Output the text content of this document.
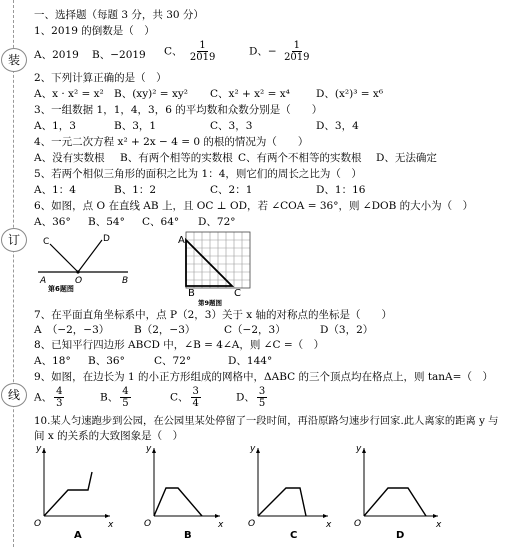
装
订
线
一、选择题（每题 3 分，共 30 分）
1、2019 的倒数是（　）
A、2019 B、−2019 C、 $\frac{1}{2019}$	D、− $\frac{1}{2019}$
2、下列计算正确的是（　）
A、x · x² = x² B、(xy)² = xy² C、x² + x² = x⁴ D、(x²)³ = x⁶
3、一组数据 1，1，4，3，6 的平均数和众数分别是（　　）
A、1，3	B、3，1	C、3，3	D、3，4
4、一元二次方程 x² + 2x − 4 = 0 的根的情况为（　　）
A、没有实数根 B、有两个相等的实数根 C、有两个不相等的实数根 D、无法确定
5、若两个相似三角形的面积之比为 1：4，则它们的周长之比为（　）
A、1：4	B、1：2	C、2：1	D、1：16
6、如图，点 O 在直线 AB 上，且 OC ⊥ OD，若 ∠COA = 36°，则 ∠DOB 的大小为（　）
A、36° B、54° C、64° D、72°
A	B
O
C	D
第6题图
A
B	C
第9题图
7、在平面直角坐标系中，点 P（2，3）关于 x 轴的对称点的坐标是（　　）
A　（−2，−3） B（2，−3）	C（−2，3）	D（3，2）
8、已知平行四边形 ABCD 中，∠B = 4∠A，则 ∠C =（　）
A、18° B、36°	C、72°	D、144°
9、如图，在边长为 1 的小正方形组成的网格中，ΔABC 的三个顶点均在格点上，则 tanA=（　）
A、 $\frac{4}{3}$	B、 $\frac{4}{5}$	C、 $\frac{3}{4}$	D、 $\frac{3}{5}$
10.某人匀速跑步到公园，在公园里某处停留了一段时间，再沿原路匀速步行回家.此人离家的距离 y 与
间 x 的关系的大致图象是（　）
y
x
O
A
y
x
O
B
y
x
O
C
y
x
O
D
